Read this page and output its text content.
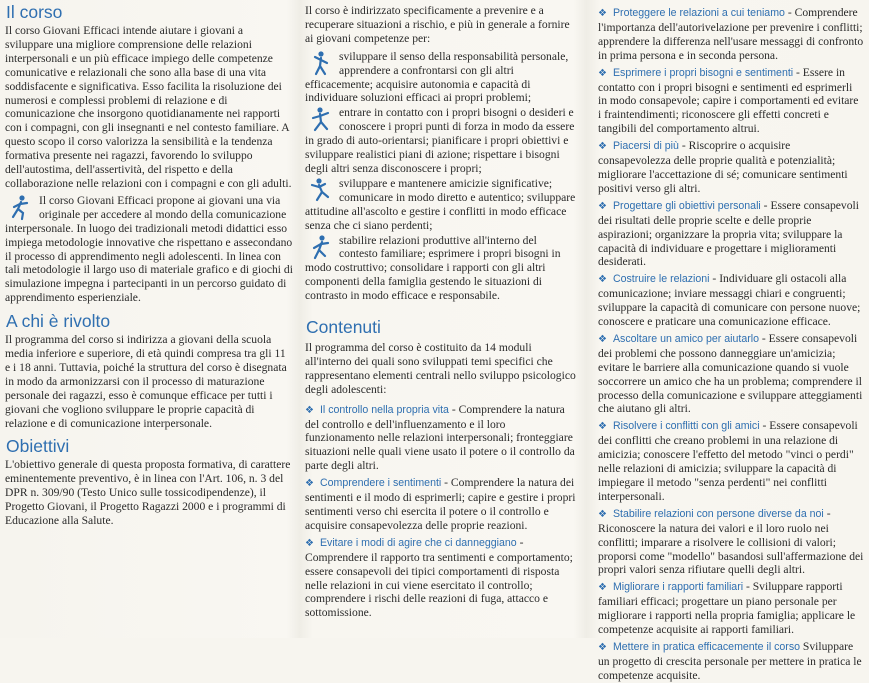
Il corso

Il corso Giovani Efficaci intende aiutare i giovani a sviluppare una migliore comprensione delle relazioni interpersonali e un più efficace impiego delle competenze comunicative e relazionali che sono alla base di una vita soddisfacente e significativa. Esso facilita la risoluzione dei numerosi e complessi problemi di relazione e di comunicazione che insorgono quotidianamente nei rapporti con i compagni, con gli insegnanti e nel contesto familiare. A questo scopo il corso valorizza la sensibilità e la tendenza formativa presente nei ragazzi, favorendo lo sviluppo dell'autostima, dell'assertività, del rispetto e della collaborazione nelle relazioni con i compagni e con gli adulti.

Il corso Giovani Efficaci propone ai giovani una via originale per accedere al mondo della comunicazione interpersonale. In luogo dei tradizionali metodi didattici esso impiega metodologie innovative che rispettano e assecondano il processo di apprendimento negli adolescenti. In linea con tali metodologie il largo uso di materiale grafico e di giochi di simulazione impegna i partecipanti in un percorso guidato di apprendimento esperienziale.

A chi è rivolto

Il programma del corso si indirizza a giovani della scuola media inferiore e superiore, di età quindi compresa tra gli 11 e i 18 anni. Tuttavia, poiché la struttura del corso è disegnata in modo da armonizzarsi con il processo di maturazione personale dei ragazzi, esso è comunque efficace per tutti i giovani che vogliono sviluppare le proprie capacità di relazione e di comunicazione interpersonale.

Obiettivi

L'obiettivo generale di questa proposta formativa, di carattere eminentemente preventivo, è in linea con l'Art. 106, n. 3 del DPR n. 309/90 (Testo Unico sulle tossicodipendenze), il Progetto Giovani, il Progetto Ragazzi 2000 e i programmi di Educazione alla Salute.

Il corso è indirizzato specificamente a prevenire e a recuperare situazioni a rischio, e più in generale a fornire ai giovani competenze per:

sviluppare il senso della responsabilità personale, apprendere a confrontarsi con gli altri efficacemente; acquisire autonomia e capacità di individuare soluzioni efficaci ai propri problemi;

entrare in contatto con i propri bisogni o desideri e conoscere i propri punti di forza in modo da essere in grado di auto-orientarsi; pianificare i propri obiettivi e sviluppare realistici piani di azione; rispettare i bisogni degli altri senza disconoscere i propri;

sviluppare e mantenere amicizie significative; comunicare in modo diretto e autentico; sviluppare attitudine all'ascolto e gestire i conflitti in modo efficace senza che ci siano perdenti;

stabilire relazioni produttive all'interno del contesto familiare; esprimere i propri bisogni in modo costruttivo; consolidare i rapporti con gli altri componenti della famiglia gestendo le situazioni di contrasto in modo efficace e responsabile.

Contenuti

Il programma del corso è costituito da 14 moduli all'interno dei quali sono sviluppati temi specifici che rappresentano elementi centrali nello sviluppo psicologico degli adolescenti:

❖ Il controllo nella propria vita - Comprendere la natura del controllo e dell'influenzamento e il loro funzionamento nelle relazioni interpersonali; fronteggiare situazioni nelle quali viene usato il potere o il controllo da parte degli altri.

❖ Comprendere i sentimenti - Comprendere la natura dei sentimenti e il modo di esprimerli; capire e gestire i propri sentimenti verso chi esercita il potere o il controllo e acquisire consapevolezza delle proprie reazioni.

❖ Evitare i modi di agire che ci danneggiano - Comprendere il rapporto tra sentimenti e comportamento; essere consapevoli dei tipici comportamenti di risposta nelle relazioni in cui viene esercitato il controllo; comprendere i rischi delle reazioni di fuga, attacco e sottomissione.

❖ Proteggere le relazioni a cui teniamo - Comprendere l'importanza dell'autorivelazione per prevenire i conflitti; apprendere la differenza nell'usare messaggi di confronto in prima persona e in seconda persona.

❖ Esprimere i propri bisogni e sentimenti - Essere in contatto con i propri bisogni e sentimenti ed esprimerli in modo consapevole; capire i comportamenti ed evitare i fraintendimenti; riconoscere gli effetti concreti e tangibili del comportamento altrui.

❖ Piacersi di più - Riscoprire o acquisire consapevolezza delle proprie qualità e potenzialità; migliorare l'accettazione di sé; comunicare sentimenti positivi verso gli altri.

❖ Progettare gli obiettivi personali - Essere consapevoli dei risultati delle proprie scelte e delle proprie aspirazioni; organizzare la propria vita; sviluppare la capacità di individuare e progettare i miglioramenti desiderati.

❖ Costruire le relazioni - Individuare gli ostacoli alla comunicazione; inviare messaggi chiari e congruenti; sviluppare la capacità di comunicare con persone nuove; conoscere e praticare una comunicazione efficace.

❖ Ascoltare un amico per aiutarlo - Essere consapevoli dei problemi che possono danneggiare un'amicizia; evitare le barriere alla comunicazione quando si vuole soccorrere un amico che ha un problema; comprendere il processo della comunicazione e sviluppare atteggiamenti che aiutano gli altri.

❖ Risolvere i conflitti con gli amici - Essere consapevoli dei conflitti che creano problemi in una relazione di amicizia; conoscere l'effetto del metodo "vinci o perdi" nelle relazioni di amicizia; sviluppare la capacità di impiegare il metodo "senza perdenti" nei conflitti interpersonali.

❖ Stabilire relazioni con persone diverse da noi - Riconoscere la natura dei valori e il loro ruolo nei conflitti; imparare a risolvere le collisioni di valori; proporsi come "modello" basandosi sull'affermazione dei propri valori senza rifiutare quelli degli altri.

❖ Migliorare i rapporti familiari - Sviluppare rapporti familiari efficaci; progettare un piano personale per migliorare i rapporti nella propria famiglia; applicare le competenze acquisite ai rapporti familiari.

❖ Mettere in pratica efficacemente il corso Sviluppare un progetto di crescita personale per mettere in pratica le competenze acquisite.
